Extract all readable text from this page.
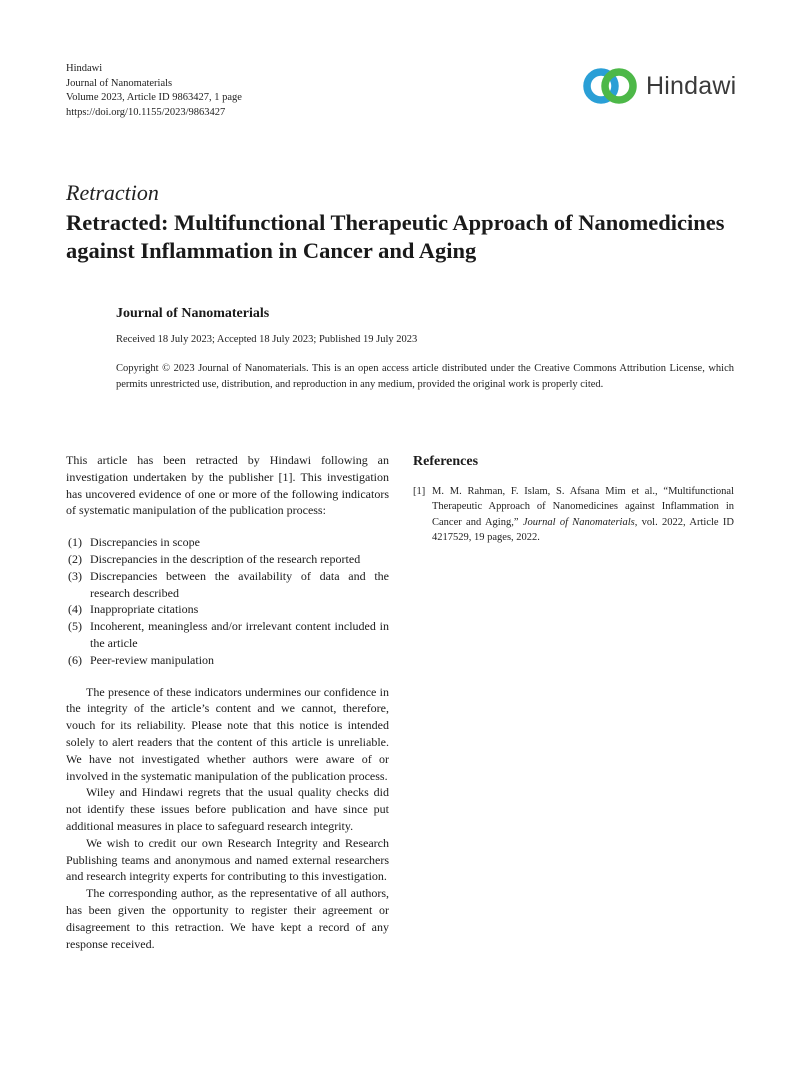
Hindawi
Journal of Nanomaterials
Volume 2023, Article ID 9863427, 1 page
https://doi.org/10.1155/2023/9863427
Hindawi
Retraction
Retracted: Multifunctional Therapeutic Approach of Nanomedicines against Inflammation in Cancer and Aging
Journal of Nanomaterials
Received 18 July 2023; Accepted 18 July 2023; Published 19 July 2023
Copyright © 2023 Journal of Nanomaterials. This is an open access article distributed under the Creative Commons Attribution License, which permits unrestricted use, distribution, and reproduction in any medium, provided the original work is properly cited.

This article has been retracted by Hindawi following an investigation undertaken by the publisher [1]. This investigation has uncovered evidence of one or more of the following indicators of systematic manipulation of the publication process:

(1) Discrepancies in scope
(2) Discrepancies in the description of the research reported
(3) Discrepancies between the availability of data and the research described
(4) Inappropriate citations
(5) Incoherent, meaningless and/or irrelevant content included in the article
(6) Peer-review manipulation

The presence of these indicators undermines our confidence in the integrity of the article’s content and we cannot, therefore, vouch for its reliability. Please note that this notice is intended solely to alert readers that the content of this article is unreliable. We have not investigated whether authors were aware of or involved in the systematic manipulation of the publication process.

Wiley and Hindawi regrets that the usual quality checks did not identify these issues before publication and have since put additional measures in place to safeguard research integrity.

We wish to credit our own Research Integrity and Research Publishing teams and anonymous and named external researchers and research integrity experts for contributing to this investigation.

The corresponding author, as the representative of all authors, has been given the opportunity to register their agreement or disagreement to this retraction. We have kept a record of any response received.

References
[1] M. M. Rahman, F. Islam, S. Afsana Mim et al., “Multifunctional Therapeutic Approach of Nanomedicines against Inflammation in Cancer and Aging,” Journal of Nanomaterials, vol. 2022, Article ID 4217529, 19 pages, 2022.
